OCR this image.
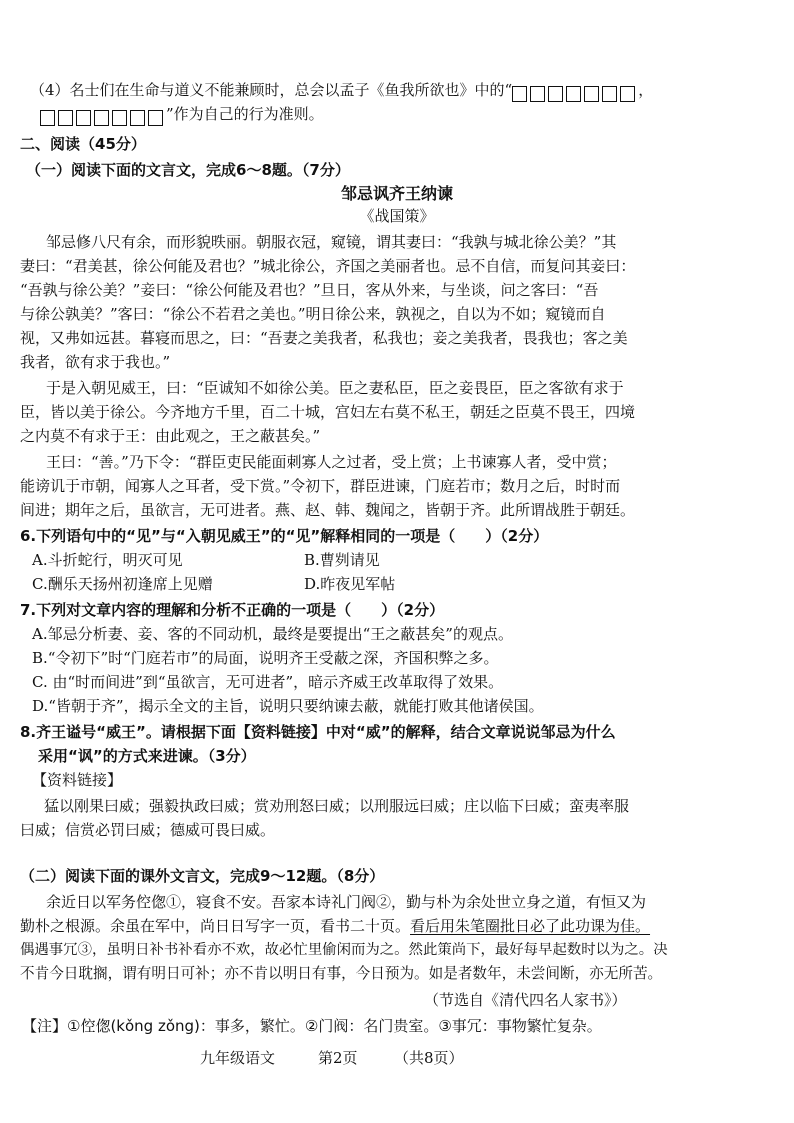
（4）名士们在生命与道义不能兼顾时，总会以孟子《鱼我所欲也》中的“	，
”作为自己的行为准则。
二、阅读（45分）
（一）阅读下面的文言文，完成6～8题。（7分）
邹忌讽齐王纳谏
《战国策》
邹忌修八尺有余，而形貌昳丽。朝服衣冠，窥镜，谓其妻曰：“我孰与城北徐公美？”其
妻曰：“君美甚，徐公何能及君也？”城北徐公，齐国之美丽者也。忌不自信，而复问其妾曰：
“吾孰与徐公美？”妾曰：“徐公何能及君也？”旦日，客从外来，与坐谈，问之客曰：“吾
与徐公孰美？”客曰：“徐公不若君之美也。”明日徐公来，孰视之，自以为不如；窥镜而自
视，又弗如远甚。暮寝而思之，曰：“吾妻之美我者，私我也；妾之美我者，畏我也；客之美
我者，欲有求于我也。”
于是入朝见威王，曰：“臣诚知不如徐公美。臣之妻私臣，臣之妾畏臣，臣之客欲有求于
臣，皆以美于徐公。今齐地方千里，百二十城，宫妇左右莫不私王，朝廷之臣莫不畏王，四境
之内莫不有求于王：由此观之，王之蔽甚矣。”
王曰：“善。”乃下令：“群臣吏民能面刺寡人之过者，受上赏；上书谏寡人者，受中赏；
能谤讥于市朝，闻寡人之耳者，受下赏。”令初下，群臣进谏，门庭若市；数月之后，时时而
间进；期年之后，虽欲言，无可进者。燕、赵、韩、魏闻之，皆朝于齐。此所谓战胜于朝廷。
6.下列语句中的“见”与“入朝见威王”的“见”解释相同的一项是（　　）（2分）
A.斗折蛇行，明灭可见	B.曹刿请见
C.酬乐天扬州初逢席上见赠	D.昨夜见军帖
7.下列对文章内容的理解和分析不正确的一项是（　　）（2分）
A.邹忌分析妻、妾、客的不同动机，最终是要提出“王之蔽甚矣”的观点。
B.“令初下”时“门庭若市”的局面，说明齐王受蔽之深，齐国积弊之多。
C. 由“时而间进”到“虽欲言，无可进者”，暗示齐威王改革取得了效果。
D.“皆朝于齐”，揭示全文的主旨，说明只要纳谏去蔽，就能打败其他诸侯国。
8.齐王谥号“威王”。请根据下面【资料链接】中对“威”的解释，结合文章说说邹忌为什么
采用“讽”的方式来进谏。（3分）
【资料链接】
猛以刚果曰威；强毅执政曰威；赏劝刑怒曰威；以刑服远曰威；庄以临下曰威；蛮夷率服
曰威；信赏必罚曰威；德威可畏曰威。
（二）阅读下面的课外文言文，完成9～12题。（8分）
余近日以军务倥偬①，寝食不安。吾家本诗礼门阀②，勤与朴为余处世立身之道，有恒又为
勤朴之根源。余虽在军中，尚日日写字一页，看书二十页。看后用朱笔圈批日必了此功课为佳。
偶遇事冗③，虽明日补书补看亦不欢，故必忙里偷闲而为之。然此策尚下，最好每早起数时以为之。决
不肯今日耽搁，谓有明日可补；亦不肯以明日有事，今日预为。如是者数年，未尝间断，亦无所苦。
（节选自《清代四名人家书》）
【注】①倥偬(kǒng zǒng)：事多，繁忙。②门阀：名门贵室。③事冗：事物繁忙复杂。
九年级语文	第2页 （共8页）
